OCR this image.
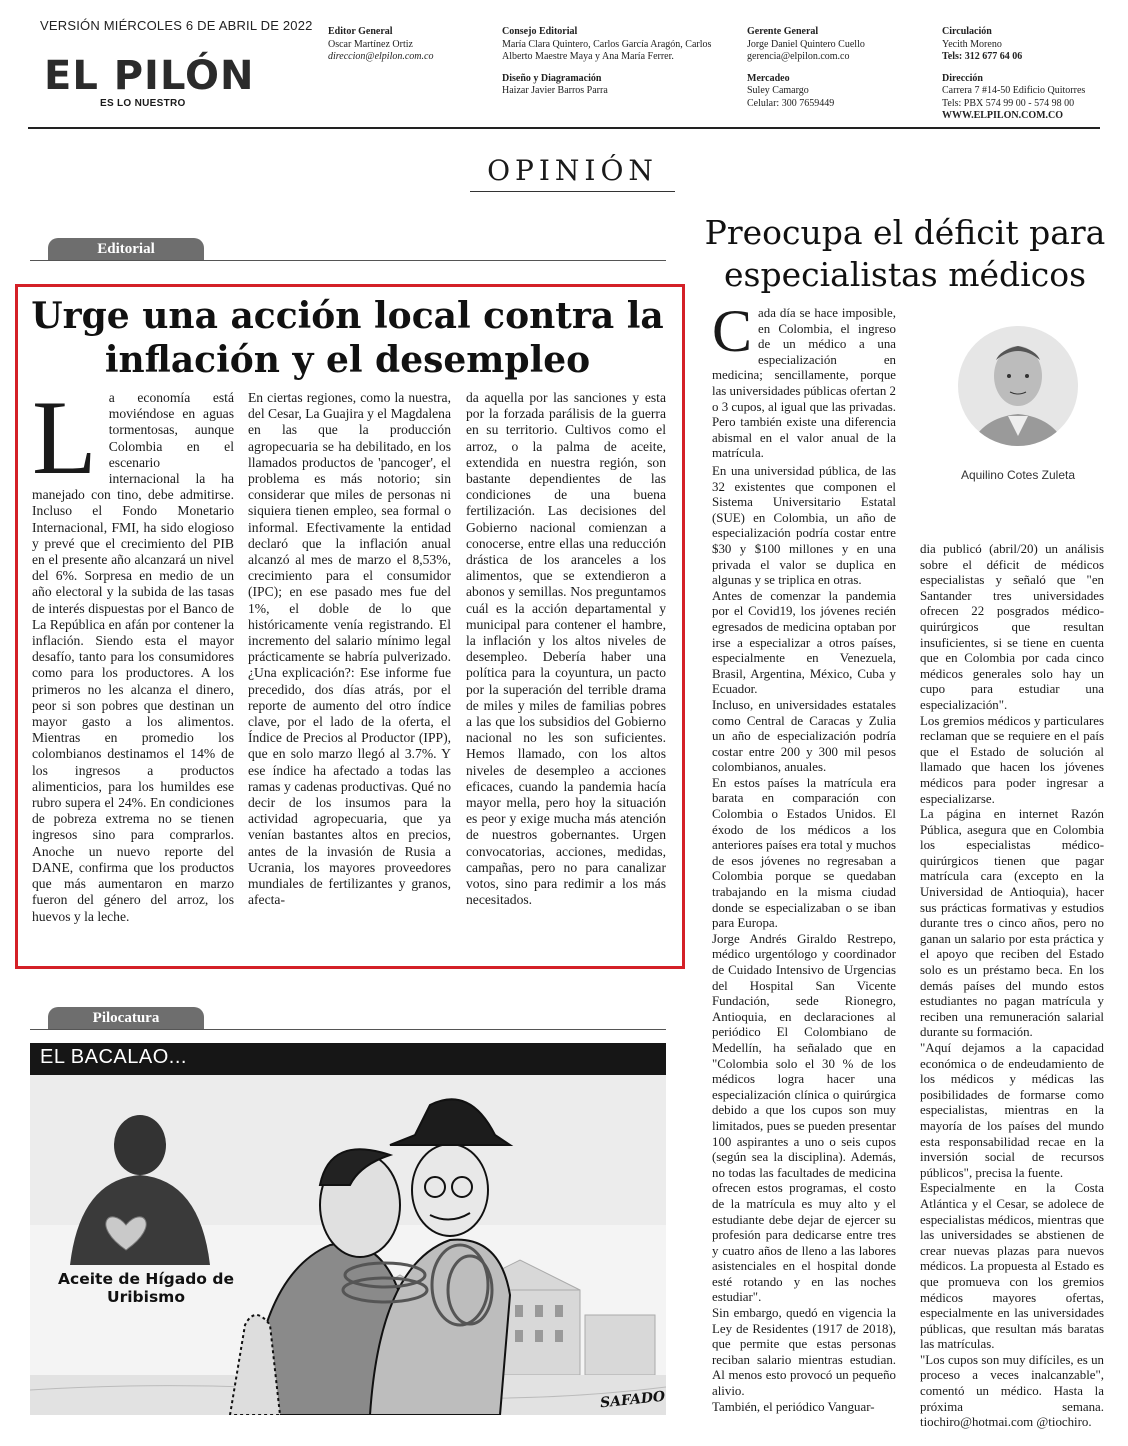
VERSIÓN MIÉRCOLES 6 DE ABRIL DE 2022
EL PILÓN
ES LO NUESTRO
Editor General
Oscar Martínez Ortiz
direccion@elpilon.com.co
Consejo Editorial
María Clara Quintero, Carlos García Aragón, Carlos Alberto Maestre Maya y Ana María Ferrer.
Diseño y Diagramación
Haizar Javier Barros Parra
Gerente General
Jorge Daniel Quintero Cuello
gerencia@elpilon.com.co
Mercadeo
Suley Camargo
Celular: 300 7659449
Circulación
Yecith Moreno
Tels: 312 677 64 06
Dirección
Carrera 7 #14-50 Edificio Quitorres
Tels: PBX 574 99 00 - 574 98 00
WWW.ELPILON.COM.CO
OPINIÓN
Editorial
Urge una acción local contra la inflación y el desempleo
L a economía está moviéndose en aguas tormentosas, aunque Colombia en el escenario internacional la ha manejado con tino, debe admitirse. Incluso el Fondo Monetario Internacional, FMI, ha sido elogioso y prevé que el crecimiento del PIB en el presente año alcanzará un nivel del 6%. Sorpresa en medio de un año electoral y la subida de las tasas de interés dispuestas por el Banco de La República en afán por contener la inflación. Siendo esta el mayor desafío, tanto para los consumidores como para los productores. A los primeros no les alcanza el dinero, peor si son pobres que destinan un mayor gasto a los alimentos. Mientras en promedio los colombianos destinamos el 14% de los ingresos a productos alimenticios, para los humildes ese rubro supera el 24%. En condiciones de pobreza extrema no se tienen ingresos sino para comprarlos. Anoche un nuevo reporte del DANE, confirma que los productos que más aumentaron en marzo fueron del género del arroz, los huevos y la leche.

En ciertas regiones, como la nuestra, del Cesar, La Guajira y el Magdalena en las que la producción agropecuaria se ha debilitado, en los llamados productos de 'pancoger', el problema es más notorio; sin considerar que miles de personas ni siquiera tienen empleo, sea formal o informal. Efectivamente la entidad declaró que la inflación anual alcanzó al mes de marzo el 8,53%, crecimiento para el consumidor (IPC); en ese pasado mes fue del 1%, el doble de lo que históricamente venía registrando. El incremento del salario mínimo legal prácticamente se habría pulverizado. ¿Una explicación?: Ese informe fue precedido, dos días atrás, por el reporte de aumento del otro índice clave, por el lado de la oferta, el Índice de Precios al Productor (IPP), que en solo marzo llegó al 3.7%. Y ese índice ha afectado a todas las ramas y cadenas productivas. Qué no decir de los insumos para la actividad agropecuaria, que ya venían bastantes altos en precios, antes de la invasión de Rusia a Ucrania, los mayores proveedores mundiales de fertilizantes y granos, afecta-

da aquella por las sanciones y esta por la forzada parálisis de la guerra en su territorio. Cultivos como el arroz, o la palma de aceite, extendida en nuestra región, son bastante dependientes de las condiciones de una buena fertilización. Las decisiones del Gobierno nacional comienzan a conocerse, entre ellas una reducción drástica de los aranceles a los alimentos, que se extendieron a abonos y semillas. Nos preguntamos cuál es la acción departamental y municipal para contener el hambre, la inflación y los altos niveles de desempleo. Debería haber una política para la coyuntura, un pacto por la superación del terrible drama de miles y miles de familias pobres a las que los subsidios del Gobierno nacional no les son suficientes. Hemos llamado, con los altos niveles de desempleo a acciones eficaces, cuando la pandemia hacía mayor mella, pero hoy la situación es peor y exige mucha más atención de nuestros gobernantes. Urgen convocatorias, acciones, medidas, campañas, pero no para canalizar votos, sino para redimir a los más necesitados.

Pilocatura
EL BACALAO...
Aceite de Hígado de Uribismo
SAFADO
Preocupa el déficit para especialistas médicos
Aquilino Cotes Zuleta
C ada día se hace imposible, en Colombia, el ingreso de un médico a una especialización en medicina; sencillamente, porque las universidades públicas ofertan 2 o 3 cupos, al igual que las privadas. Pero también existe una diferencia abismal en el valor anual de la matrícula.

En una universidad pública, de las 32 existentes que componen el Sistema Universitario Estatal (SUE) en Colombia, un año de especialización podría costar entre $30 y $100 millones y en una privada el valor se duplica en algunas y se triplica en otras.

Antes de comenzar la pandemia por el Covid19, los jóvenes recién egresados de medicina optaban por irse a especializar a otros países, especialmente en Venezuela, Brasil, Argentina, México, Cuba y Ecuador.

Incluso, en universidades estatales como Central de Caracas y Zulia un año de especialización podría costar entre 200 y 300 mil pesos colombianos, anuales.

En estos países la matrícula era barata en comparación con Colombia o Estados Unidos. El éxodo de los médicos a los anteriores países era total y muchos de esos jóvenes no regresaban a Colombia porque se quedaban trabajando en la misma ciudad donde se especializaban o se iban para Europa.

Jorge Andrés Giraldo Restrepo, médico urgentólogo y coordinador de Cuidado Intensivo de Urgencias del Hospital San Vicente Fundación, sede Rionegro, Antioquia, en declaraciones al periódico El Colombiano de Medellín, ha señalado que en "Colombia solo el 30 % de los médicos logra hacer una especialización clínica o quirúrgica debido a que los cupos son muy limitados, pues se pueden presentar 100 aspirantes a uno o seis cupos (según sea la disciplina). Además, no todas las facultades de medicina ofrecen estos programas, el costo de la matrícula es muy alto y el estudiante debe dejar de ejercer su profesión para dedicarse entre tres y cuatro años de lleno a las labores asistenciales en el hospital donde esté rotando y en las noches estudiar".

Sin embargo, quedó en vigencia la Ley de Residentes (1917 de 2018), que permite que estas personas reciban salario mientras estudian. Al menos esto provocó un pequeño alivio.

También, el periódico Vanguar-

dia publicó (abril/20) un análisis sobre el déficit de médicos especialistas y señaló que "en Santander tres universidades ofrecen 22 posgrados médico-quirúrgicos que resultan insuficientes, si se tiene en cuenta que en Colombia por cada cinco médicos generales solo hay un cupo para estudiar una especialización".

Los gremios médicos y particulares reclaman que se requiere en el país que el Estado de solución al llamado que hacen los jóvenes médicos para poder ingresar a especializarse.

La página en internet Razón Pública, asegura que en Colombia los especialistas médico-quirúrgicos tienen que pagar matrícula cara (excepto en la Universidad de Antioquia), hacer sus prácticas formativas y estudios durante tres o cinco años, pero no ganan un salario por esta práctica y el apoyo que reciben del Estado solo es un préstamo beca. En los demás países del mundo estos estudiantes no pagan matrícula y reciben una remuneración salarial durante su formación.

"Aquí dejamos a la capacidad económica o de endeudamiento de los médicos y médicas las posibilidades de formarse como especialistas, mientras en la mayoría de los países del mundo esta responsabilidad recae en la inversión social de recursos públicos", precisa la fuente.

Especialmente en la Costa Atlántica y el Cesar, se adolece de especialistas médicos, mientras que las universidades se abstienen de crear nuevas plazas para nuevos médicos. La propuesta al Estado es que promueva con los gremios médicos mayores ofertas, especialmente en las universidades públicas, que resultan más baratas las matrículas.

"Los cupos son muy difíciles, es un proceso a veces inalcanzable", comentó un médico. Hasta la próxima semana. tiochiro@hotmai.com @tiochiro.
